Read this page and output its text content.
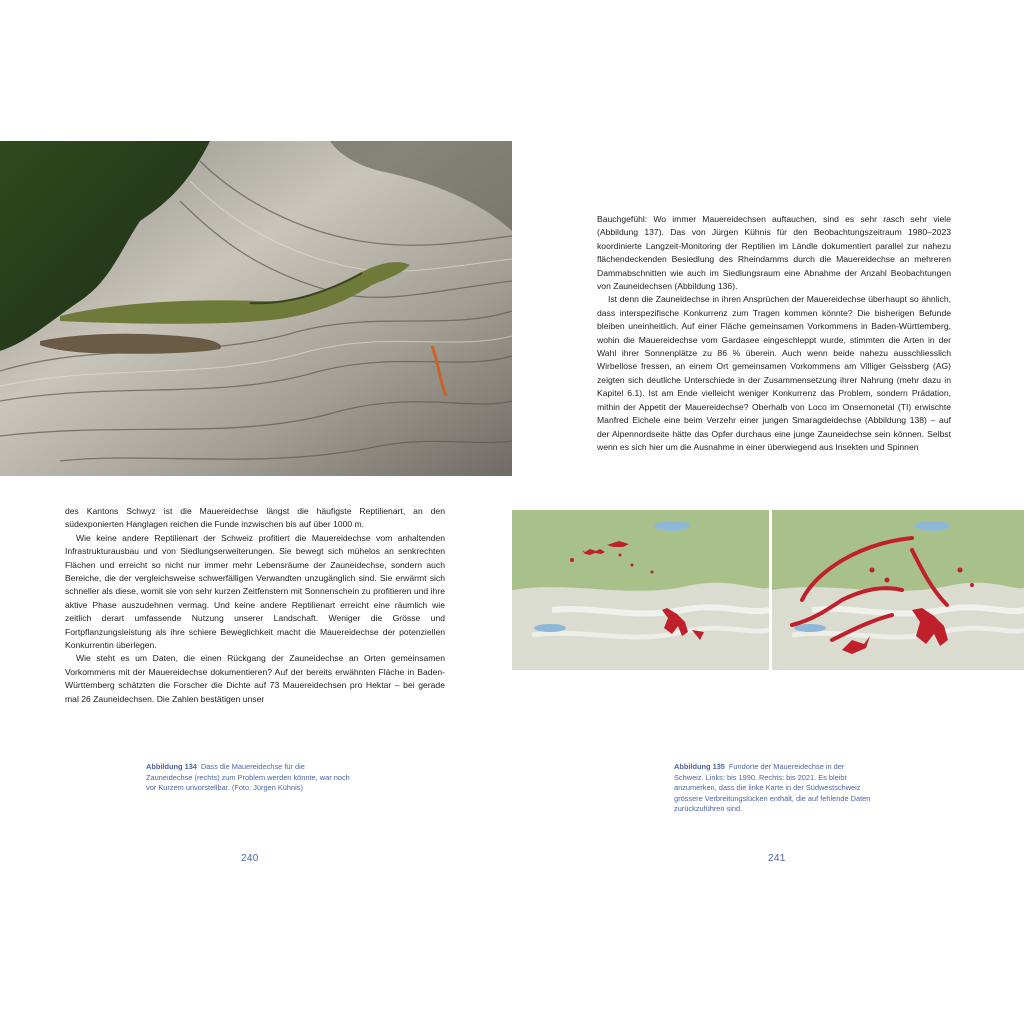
des Kantons Schwyz ist die Mauereidechse längst die häufigste Reptilienart, an den südexponierten Hanglagen reichen die Funde inzwischen bis auf über 1000 m.

Wie keine andere Reptilienart der Schweiz profitiert die Mauereidechse vom anhaltenden Infrastrukturausbau und von Siedlungserweiterungen. Sie bewegt sich mühelos an senkrechten Flächen und erreicht so nicht nur immer mehr Lebensräume der Zauneidechse, sondern auch Bereiche, die der vergleichsweise schwerfälligen Verwandten unzugänglich sind. Sie erwärmt sich schneller als diese, womit sie von sehr kurzen Zeitfenstern mit Sonnenschein zu profitieren und ihre aktive Phase auszudehnen vermag. Und keine andere Reptilienart erreicht eine räumlich wie zeitlich derart umfassende Nutzung unserer Landschaft. Weniger die Grösse und Fortpflanzungsleistung als ihre schiere Beweglichkeit macht die Mauereidechse der potenziellen Konkurrentin überlegen.

Wie steht es um Daten, die einen Rückgang der Zauneidechse an Orten gemeinsamen Vorkommens mit der Mauereidechse dokumentieren? Auf der bereits erwähnten Fläche in Baden-Württemberg schätzten die Forscher die Dichte auf 73 Mauereidechsen pro Hektar – bei gerade mal 26 Zauneidechsen. Die Zahlen bestätigen unser

Abbildung 134 Dass die Mauereidechse für die Zauneidechse (rechts) zum Problem werden könnte, war noch vor Kurzem unvorstellbar. (Foto: Jürgen Kühnis)
240

Bauchgefühl: Wo immer Mauereidechsen auftauchen, sind es sehr rasch sehr viele (Abbildung 137). Das von Jürgen Kühnis für den Beobachtungszeitraum 1980–2023 koordinierte Langzeit-Monitoring der Reptilien im Ländle dokumentiert parallel zur nahezu flächendeckenden Besiedlung des Rheindamms durch die Mauereidechse an mehreren Dammabschnitten wie auch im Siedlungsraum eine Abnahme der Anzahl Beobachtungen von Zauneidechsen (Abbildung 136).

Ist denn die Zauneidechse in ihren Ansprüchen der Mauereidechse überhaupt so ähnlich, dass interspezifische Konkurrenz zum Tragen kommen könnte? Die bisherigen Befunde bleiben uneinheitlich. Auf einer Fläche gemeinsamen Vorkommens in Baden-Württemberg, wohin die Mauereidechse vom Gardasee eingeschleppt wurde, stimmten die Arten in der Wahl ihrer Sonnenplätze zu 86 % überein. Auch wenn beide nahezu ausschliesslich Wirbellose fressen, an einem Ort gemeinsamen Vorkommens am Villiger Geissberg (AG) zeigten sich deutliche Unterschiede in der Zusammensetzung ihrer Nahrung (mehr dazu in Kapitel 6.1). Ist am Ende vielleicht weniger Konkurrenz das Problem, sondern Prädation, mithin der Appetit der Mauereidechse? Oberhalb von Loco im Onsernonetal (TI) erwischte Manfred Eichele eine beim Verzehr einer jungen Smaragdeidechse (Abbildung 138) – auf der Alpennordseite hätte das Opfer durchaus eine junge Zauneidechse sein können. Selbst wenn es sich hier um die Ausnahme in einer überwiegend aus Insekten und Spinnen

Abbildung 135 Fundorte der Mauereidechse in der Schweiz. Links: bis 1990. Rechts: bis 2021. Es bleibt anzumerken, dass die linke Karte in der Südwestschweiz grössere Verbreitungslücken enthält, die auf fehlende Daten zurückzuführen sind.
241
